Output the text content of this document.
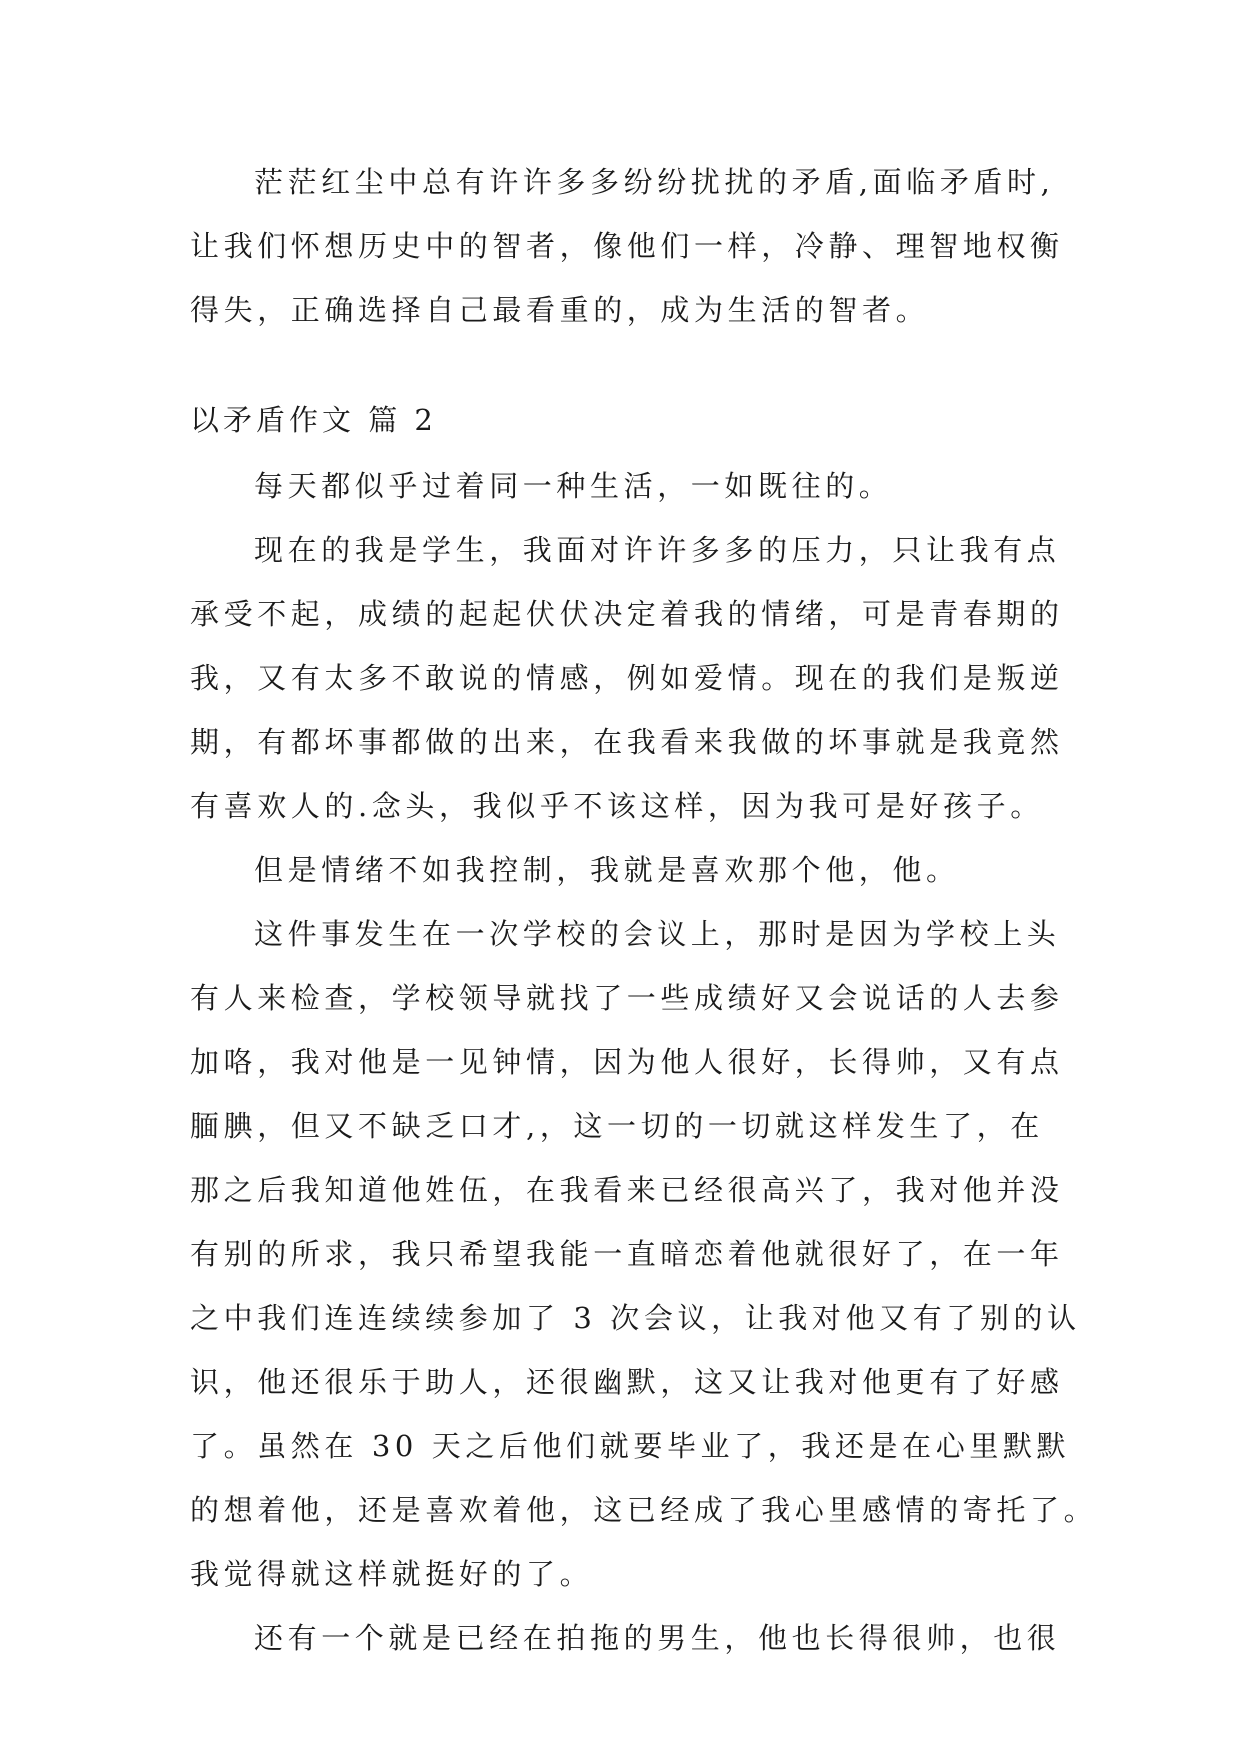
茫茫红尘中总有许许多多纷纷扰扰的矛盾,面临矛盾时,
让我们怀想历史中的智者，像他们一样，冷静、理智地权衡
得失，正确选择自己最看重的，成为生活的智者。
以矛盾作文 篇 2
每天都似乎过着同一种生活，一如既往的。
现在的我是学生，我面对许许多多的压力，只让我有点
承受不起，成绩的起起伏伏决定着我的情绪，可是青春期的
我，又有太多不敢说的情感，例如爱情。现在的我们是叛逆
期，有都坏事都做的出来，在我看来我做的坏事就是我竟然
有喜欢人的.念头，我似乎不该这样，因为我可是好孩子。
但是情绪不如我控制，我就是喜欢那个他，他。
这件事发生在一次学校的会议上，那时是因为学校上头
有人来检查，学校领导就找了一些成绩好又会说话的人去参
加咯，我对他是一见钟情，因为他人很好，长得帅，又有点
腼腆，但又不缺乏口才,，这一切的一切就这样发生了，在
那之后我知道他姓伍，在我看来已经很高兴了，我对他并没
有别的所求，我只希望我能一直暗恋着他就很好了，在一年
之中我们连连续续参加了 3 次会议，让我对他又有了别的认
识，他还很乐于助人，还很幽默，这又让我对他更有了好感
了。虽然在 30 天之后他们就要毕业了，我还是在心里默默
的想着他，还是喜欢着他，这已经成了我心里感情的寄托了。
我觉得就这样就挺好的了。
还有一个就是已经在拍拖的男生，他也长得很帅，也很
